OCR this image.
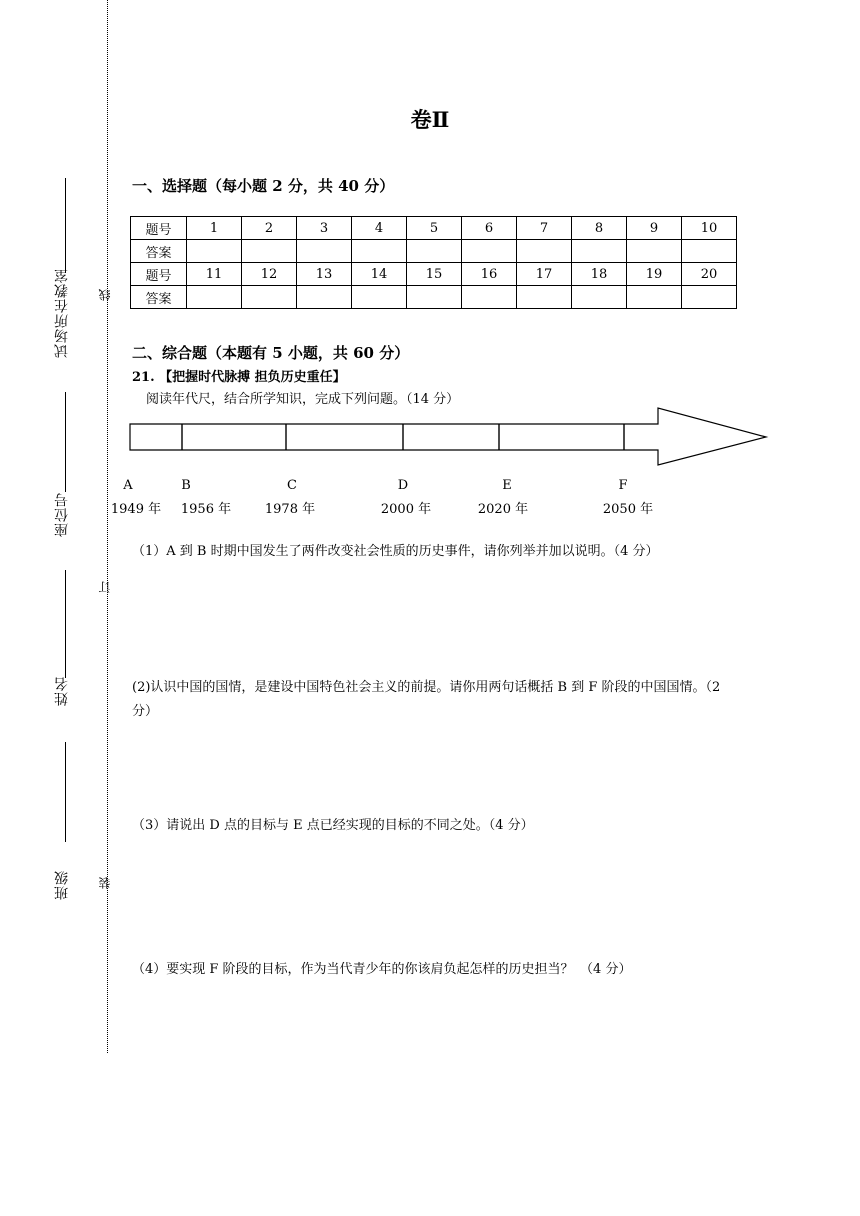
试场所在教室
座位号
姓名
班级
线
订
装
卷Ⅱ
一、选择题（每小题 2 分，共 40 分）
题号	1	2	3	4	5	6	7	8	9	10
答案										
题号	11	12	13	14	15	16	17	18	19	20
答案										
二、综合题（本题有 5 小题，共 60 分）
21. 【把握时代脉搏 担负历史重任】
阅读年代尺，结合所学知识，完成下列问题。（14 分）
A	B	C	D	E	F
1949 年	1956 年	1978 年	2000 年	2020 年	2050 年
（1）A 到 B 时期中国发生了两件改变社会性质的历史事件，请你列举并加以说明。（4 分）
(2)认识中国的国情，是建设中国特色社会主义的前提。请你用两句话概括 B 到 F 阶段的中国国情。（2 分）
（3）请说出 D 点的目标与 E 点已经实现的目标的不同之处。（4 分）
（4）要实现 F 阶段的目标，作为当代青少年的你该肩负起怎样的历史担当？　（4 分）
